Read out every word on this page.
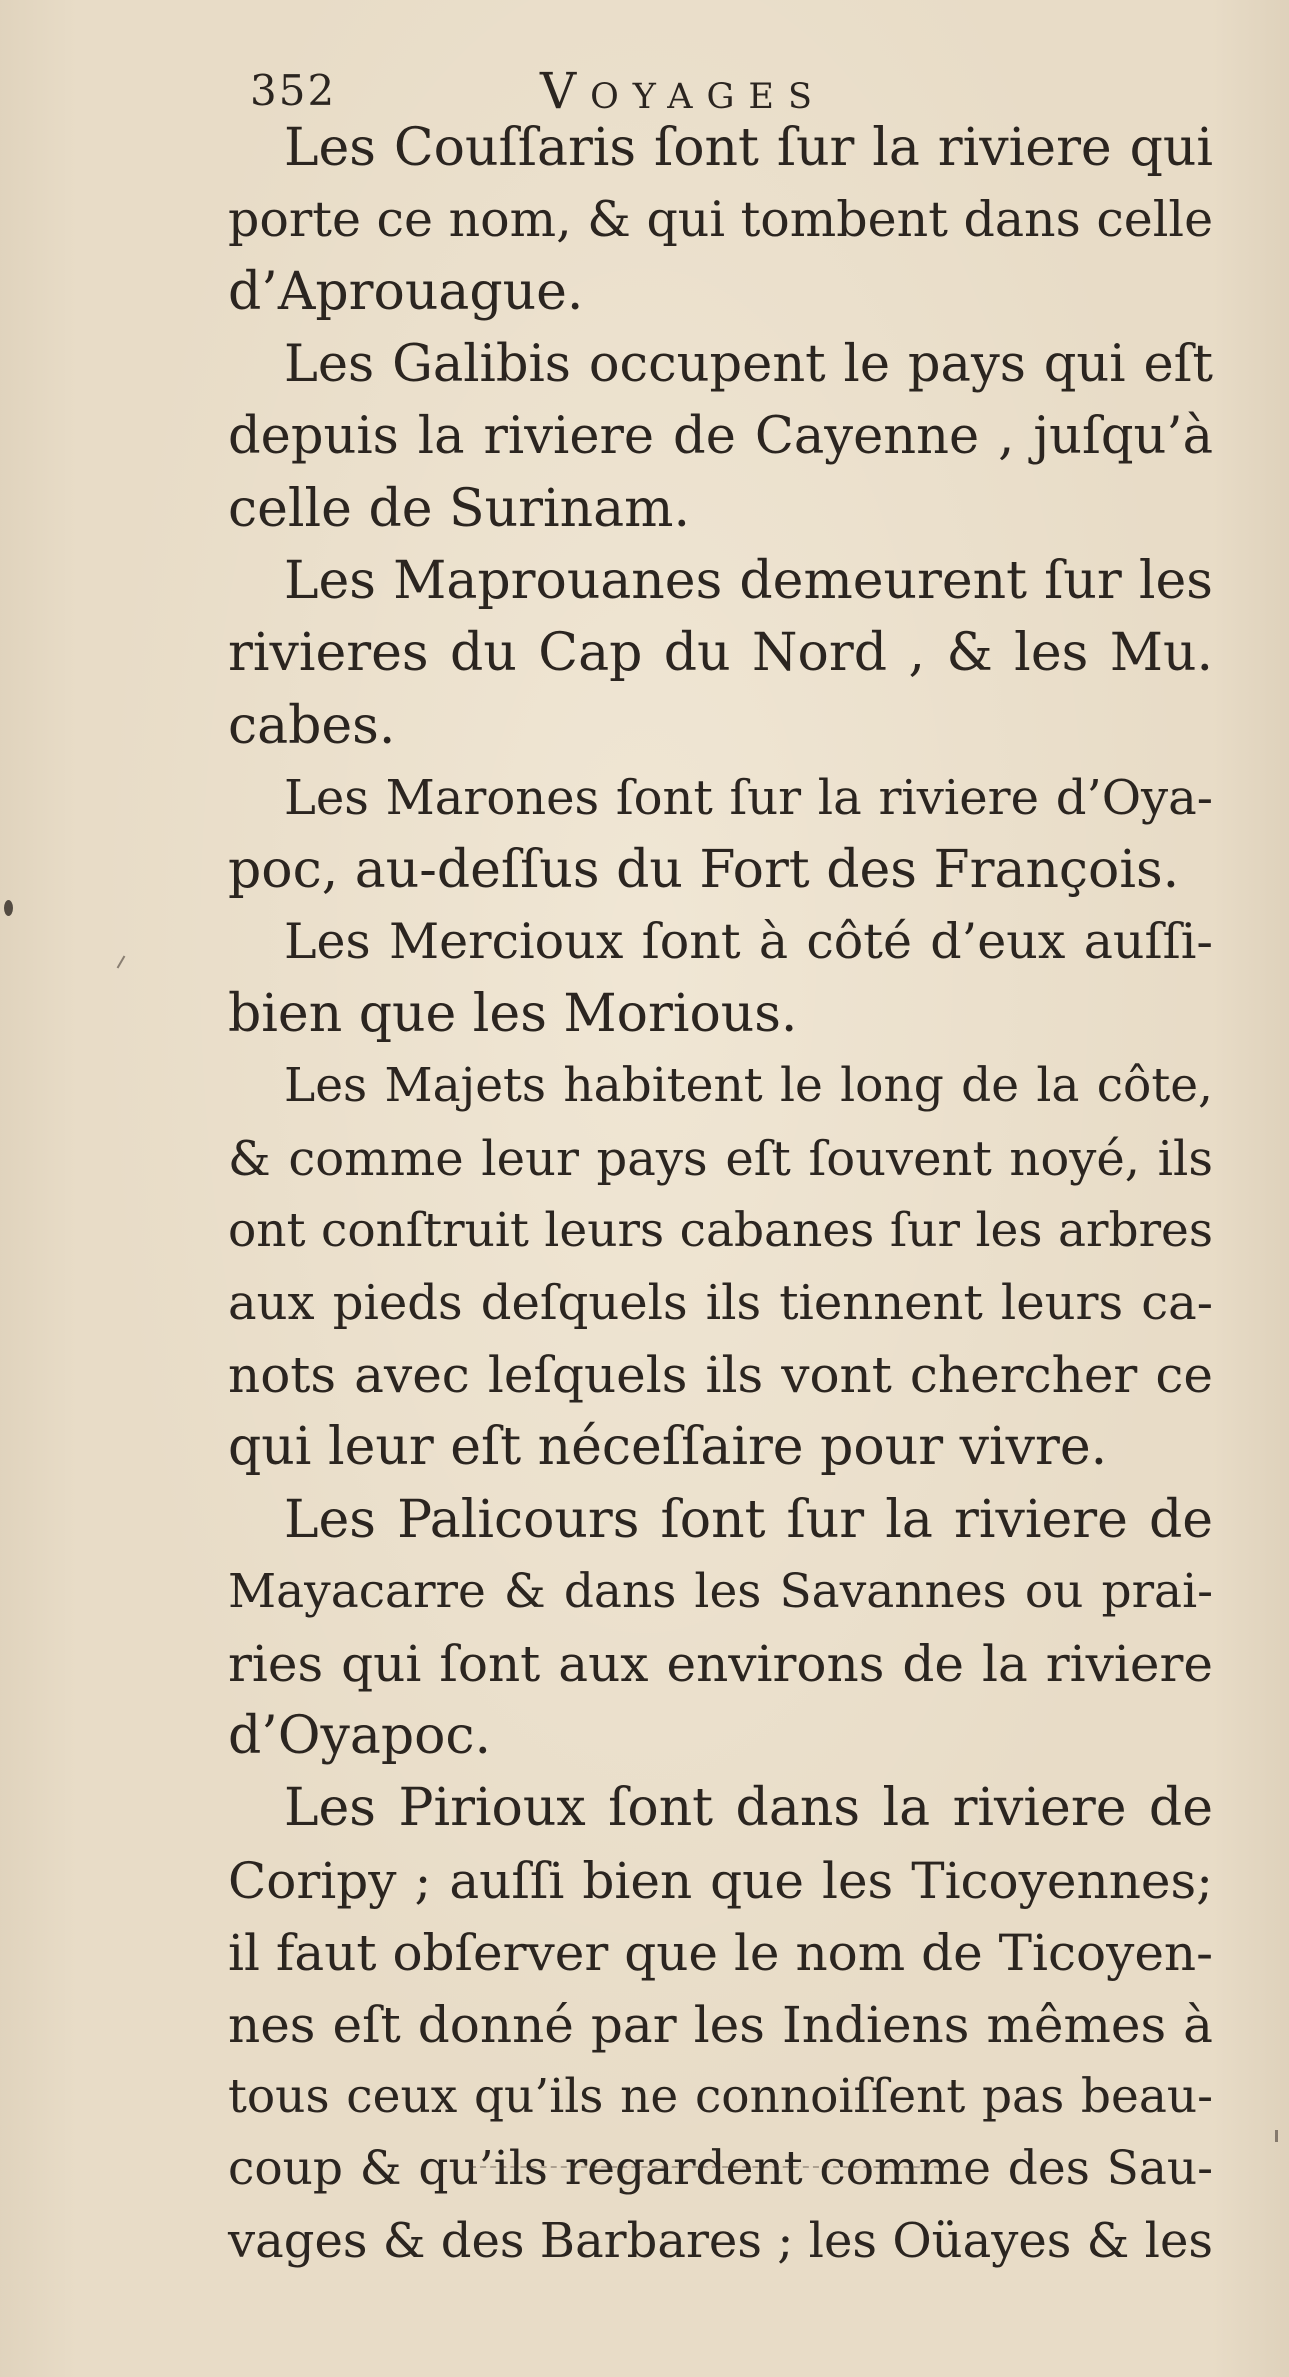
352	Voyages
Les Couſſaris ſont ſur la riviere qui
porte ce nom, & qui tombent dans celle
d’Aprouague.
Les Galibis occupent le pays qui eſt
depuis la riviere de Cayenne , juſqu’à
celle de Surinam.
Les Maprouanes demeurent ſur les
rivieres du Cap du Nord , & les Mu.
cabes.
Les Marones ſont ſur la riviere d’Oya-
poc, au-deſſus du Fort des François.
Les Mercioux ſont à côté d’eux auſſi-
bien que les Morious.
Les Majets habitent le long de la côte,
& comme leur pays eſt ſouvent noyé, ils
ont conſtruit leurs cabanes ſur les arbres
aux pieds deſquels ils tiennent leurs ca-
nots avec leſquels ils vont chercher ce
qui leur eſt néceſſaire pour vivre.
Les Palicours ſont ſur la riviere de
Mayacarre & dans les Savannes ou prai-
ries qui ſont aux environs de la riviere
d’Oyapoc.
Les Pirioux ſont dans la riviere de
Coripy ; auſſi bien que les Ticoyennes;
il faut obſerver que le nom de Ticoyen-
nes eſt donné par les Indiens mêmes à
tous ceux qu’ils ne connoiſſent pas beau-
coup & qu’ils regardent comme des Sau-
vages & des Barbares ; les Oüayes & les
